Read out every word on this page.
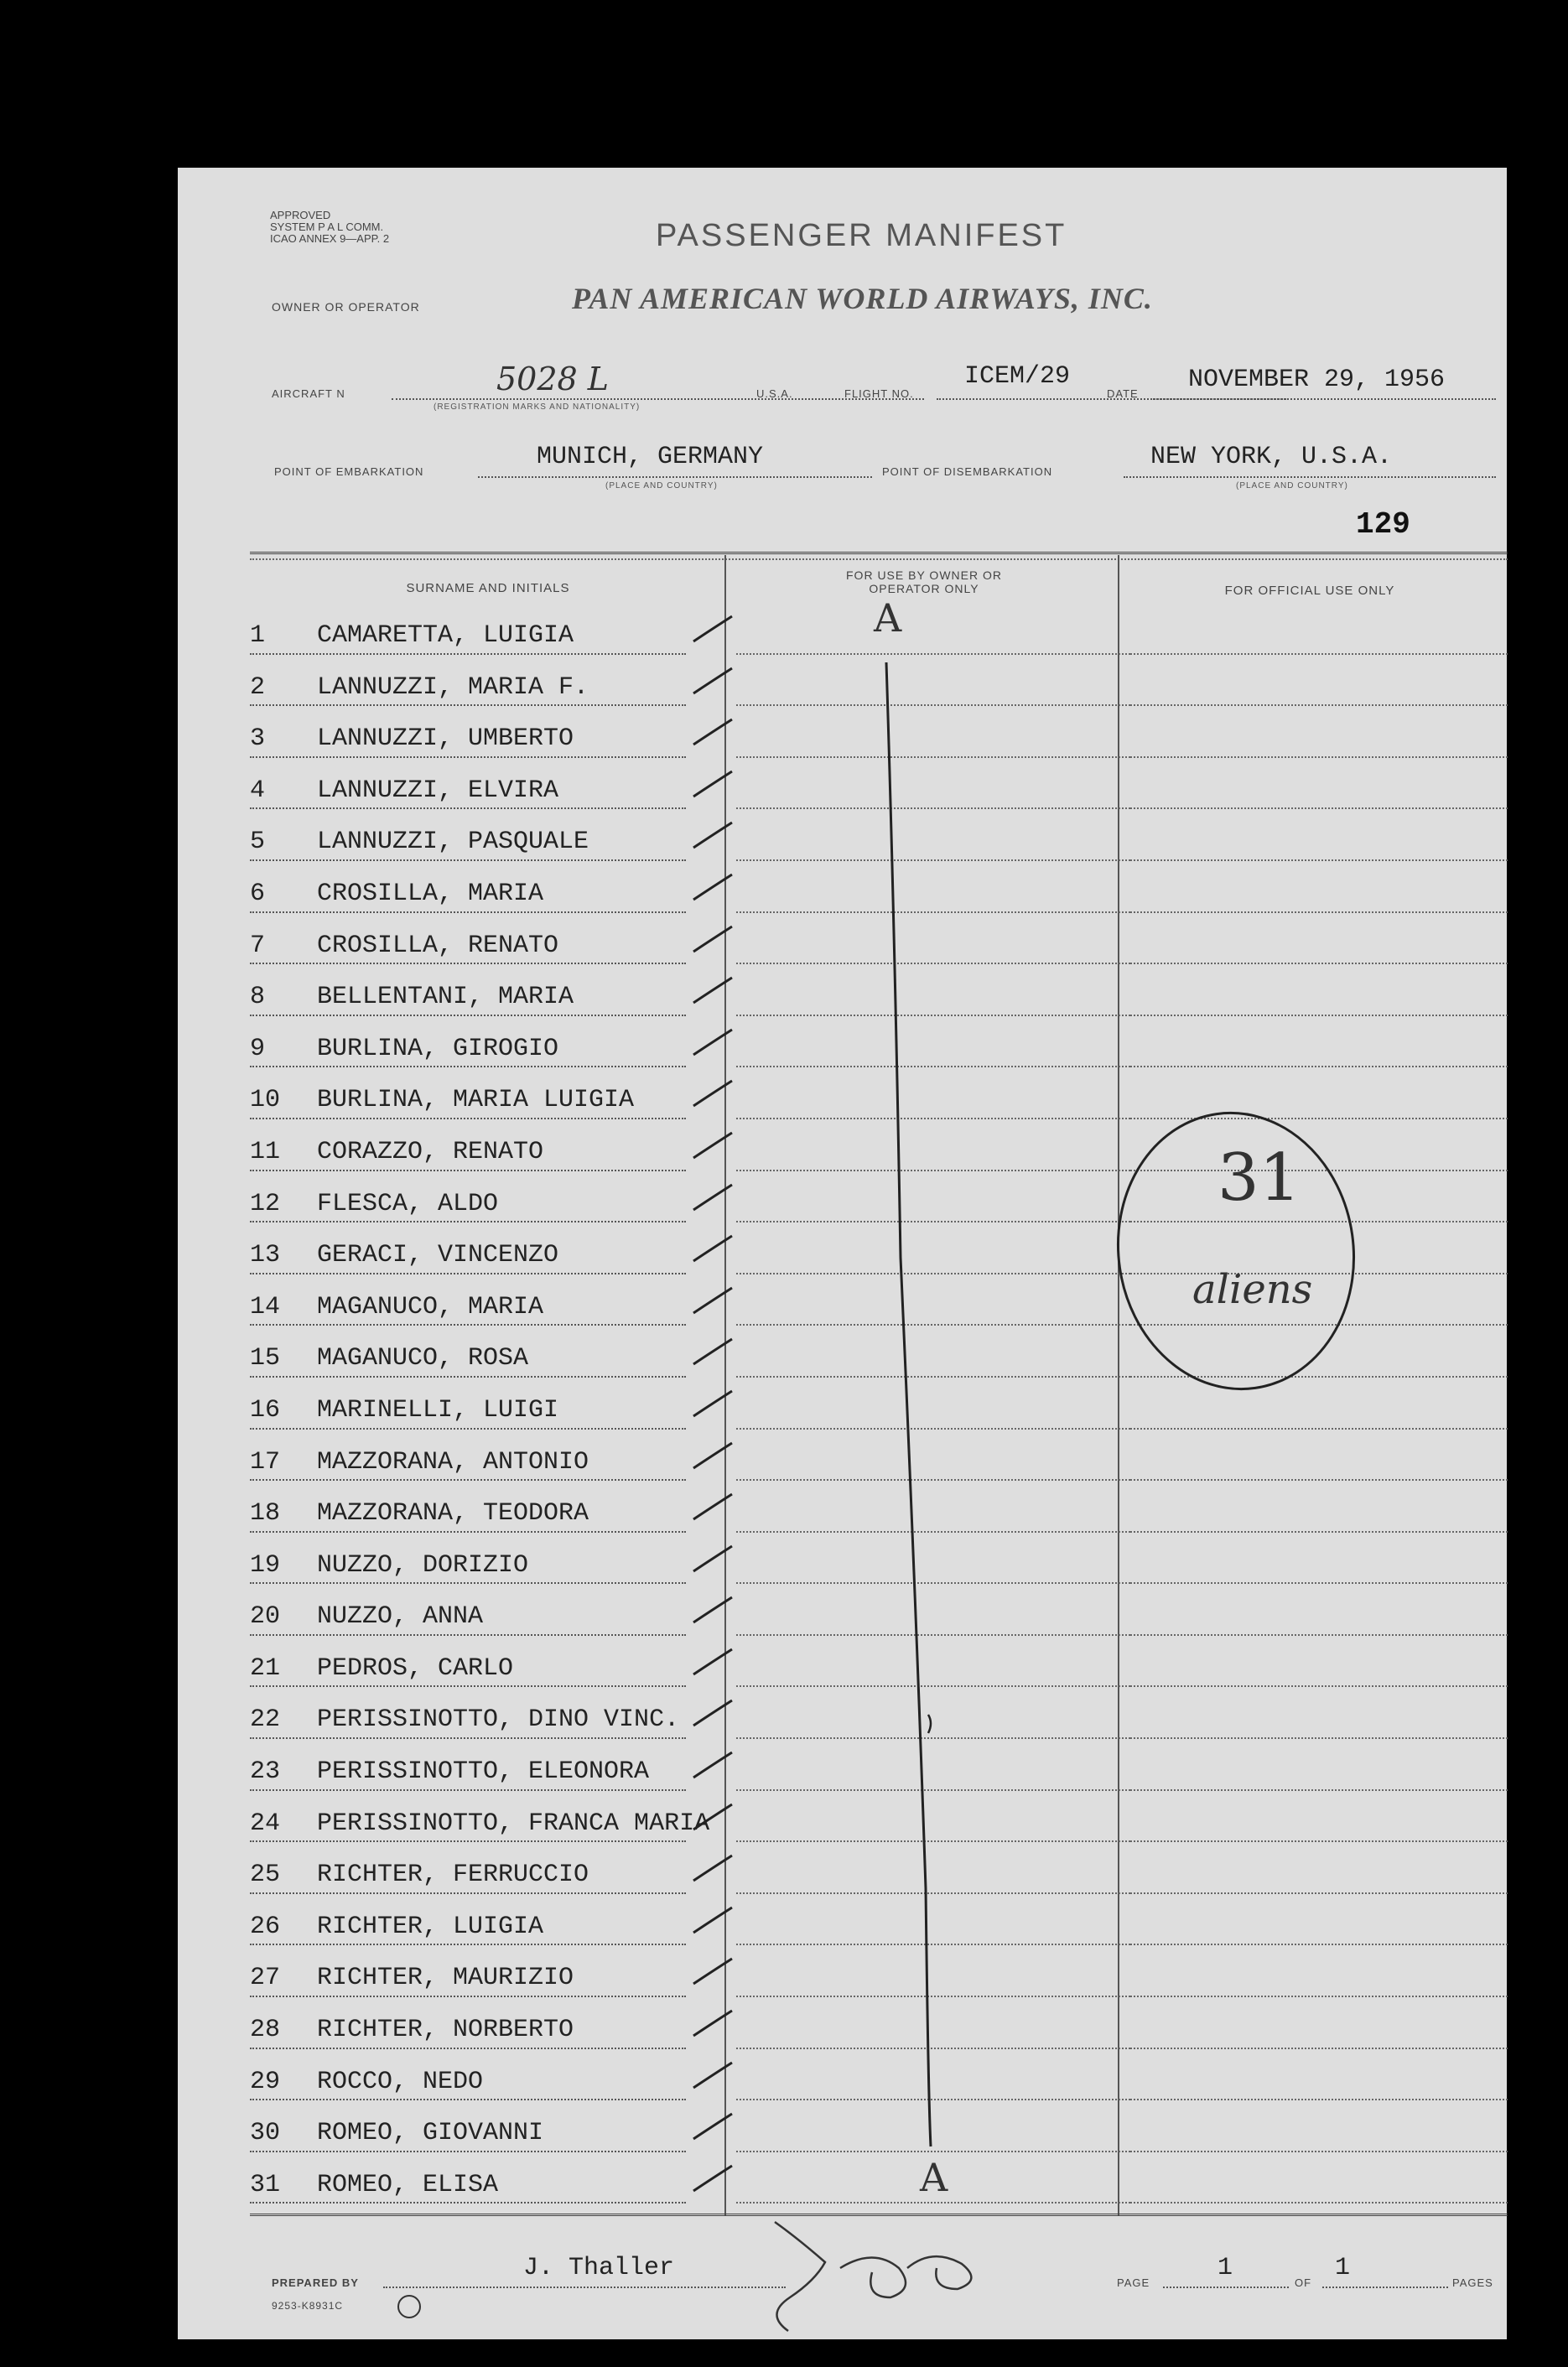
APPROVED
SYSTEM P A L COMM.
ICAO ANNEX 9—APP. 2	PASSENGER MANIFEST
OWNER OR OPERATOR	PAN AMERICAN WORLD AIRWAYS, INC.
AIRCRAFT N	5028 L
(REGISTRATION MARKS AND NATIONALITY)
U.S.A.	FLIGHT NO.
ICEM/29
DATE NOVEMBER 29, 1956
POINT OF EMBARKATION
MUNICH, GERMANY
(PLACE AND COUNTRY)
POINT OF DISEMBARKATION
NEW YORK, U.S.A.
(PLACE AND COUNTRY)
129
SURNAME AND INITIALS
FOR USE BY OWNER OR OPERATOR ONLY	FOR OFFICIAL USE ONLY
1	CAMARETTA, LUIGIA
2	LANNUZZI, MARIA F.
3	LANNUZZI, UMBERTO
4	LANNUZZI, ELVIRA
5	LANNUZZI, PASQUALE
6	CROSILLA, MARIA
7	CROSILLA, RENATO
8	BELLENTANI, MARIA
9	BURLINA, GIROGIO
10	BURLINA, MARIA LUIGIA
11	CORAZZO, RENATO
12	FLESCA, ALDO
13	GERACI, VINCENZO
14	MAGANUCO, MARIA
15	MAGANUCO, ROSA
16	MARINELLI, LUIGI
17	MAZZORANA, ANTONIO
18	MAZZORANA, TEODORA
19	NUZZO, DORIZIO
20	NUZZO, ANNA
21	PEDROS, CARLO
22	PERISSINOTTO, DINO VINC.
23	PERISSINOTTO, ELEONORA
24	PERISSINOTTO, FRANCA MARIA
25	RICHTER, FERRUCCIO
26	RICHTER, LUIGIA
27	RICHTER, MAURIZIO
28	RICHTER, NORBERTO
29	ROCCO, NEDO
30	ROMEO, GIOVANNI
31	ROMEO, ELISA
A
A
31
aliens
PREPARED BY
J. Thaller
9253-K8931C
PAGE
1
OF
1
PAGES
